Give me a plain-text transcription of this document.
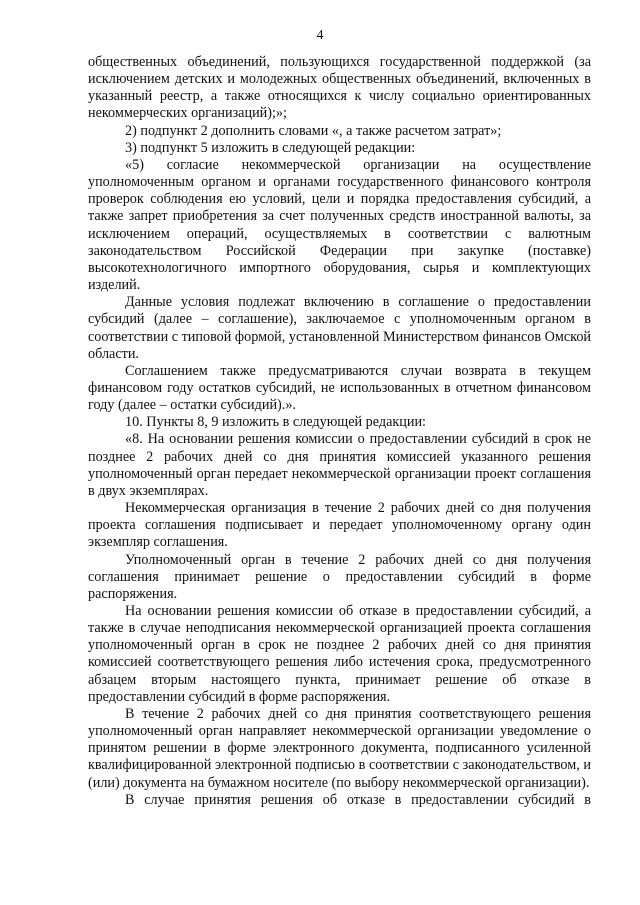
4

общественных объединений, пользующихся государственной поддержкой (за исключением детских и молодежных общественных объединений, включенных в указанный реестр, а также относящихся к числу социально ориентированных некоммерческих организаций);»;

2) подпункт 2 дополнить словами «, а также расчетом затрат»;

3) подпункт 5 изложить в следующей редакции:

«5) согласие некоммерческой организации на осуществление уполномоченным органом и органами государственного финансового контроля проверок соблюдения ею условий, цели и порядка предоставления субсидий, а также запрет приобретения за счет полученных средств иностранной валюты, за исключением операций, осуществляемых в соответствии с валютным законодательством Российской Федерации при закупке (поставке) высокотехнологичного импортного оборудования, сырья и комплектующих изделий.

Данные условия подлежат включению в соглашение о предоставлении субсидий (далее – соглашение), заключаемое с уполномоченным органом в соответствии с типовой формой, установленной Министерством финансов Омской области.

Соглашением также предусматриваются случаи возврата в текущем финансовом году остатков субсидий, не использованных в отчетном финансовом году (далее – остатки субсидий).».

10. Пункты 8, 9 изложить в следующей редакции:

«8. На основании решения комиссии о предоставлении субсидий в срок не позднее 2 рабочих дней со дня принятия комиссией указанного решения уполномоченный орган передает некоммерческой организации проект соглашения в двух экземплярах.

Некоммерческая организация в течение 2 рабочих дней со дня получения проекта соглашения подписывает и передает уполномоченному органу один экземпляр соглашения.

Уполномоченный орган в течение 2 рабочих дней со дня получения соглашения принимает решение о предоставлении субсидий в форме распоряжения.

На основании решения комиссии об отказе в предоставлении субсидий, а также в случае неподписания некоммерческой организацией проекта соглашения уполномоченный орган в срок не позднее 2 рабочих дней со дня принятия комиссией соответствующего решения либо истечения срока, предусмотренного абзацем вторым настоящего пункта, принимает решение об отказе в предоставлении субсидий в форме распоряжения.

В течение 2 рабочих дней со дня принятия соответствующего решения уполномоченный орган направляет некоммерческой организации уведомление о принятом решении в форме электронного документа, подписанного усиленной квалифицированной электронной подписью в соответствии с законодательством, и (или) документа на бумажном носителе (по выбору некоммерческой организации).

В случае принятия решения об отказе в предоставлении субсидий в
